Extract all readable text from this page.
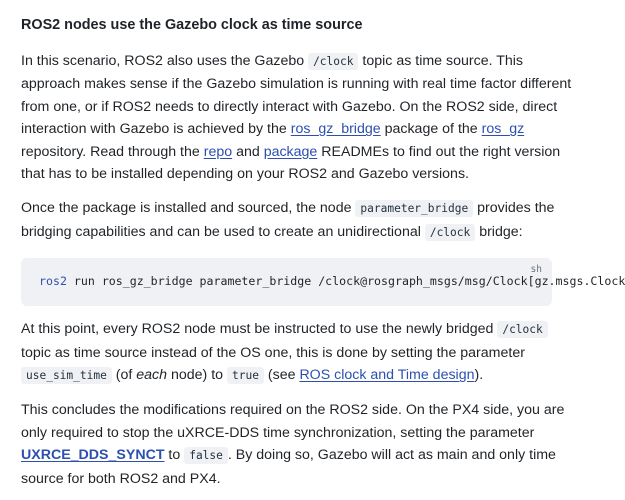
ROS2 nodes use the Gazebo clock as time source

In this scenario, ROS2 also uses the Gazebo /clock topic as time source. This approach makes sense if the Gazebo simulation is running with real time factor different from one, or if ROS2 needs to directly interact with Gazebo. On the ROS2 side, direct interaction with Gazebo is achieved by the ros_gz_bridge package of the ros_gz repository. Read through the repo and package READMEs to find out the right version that has to be installed depending on your ROS2 and Gazebo versions.

Once the package is installed and sourced, the node parameter_bridge provides the bridging capabilities and can be used to create an unidirectional /clock bridge:

sh
ros2 run ros_gz_bridge parameter_bridge /clock@rosgraph_msgs/msg/Clock[gz.msgs.Clock

At this point, every ROS2 node must be instructed to use the newly bridged /clock topic as time source instead of the OS one, this is done by setting the parameter use_sim_time (of each node) to true (see ROS clock and Time design).

This concludes the modifications required on the ROS2 side. On the PX4 side, you are only required to stop the uXRCE-DDS time synchronization, setting the parameter UXRCE_DDS_SYNCT to false . By doing so, Gazebo will act as main and only time source for both ROS2 and PX4.
